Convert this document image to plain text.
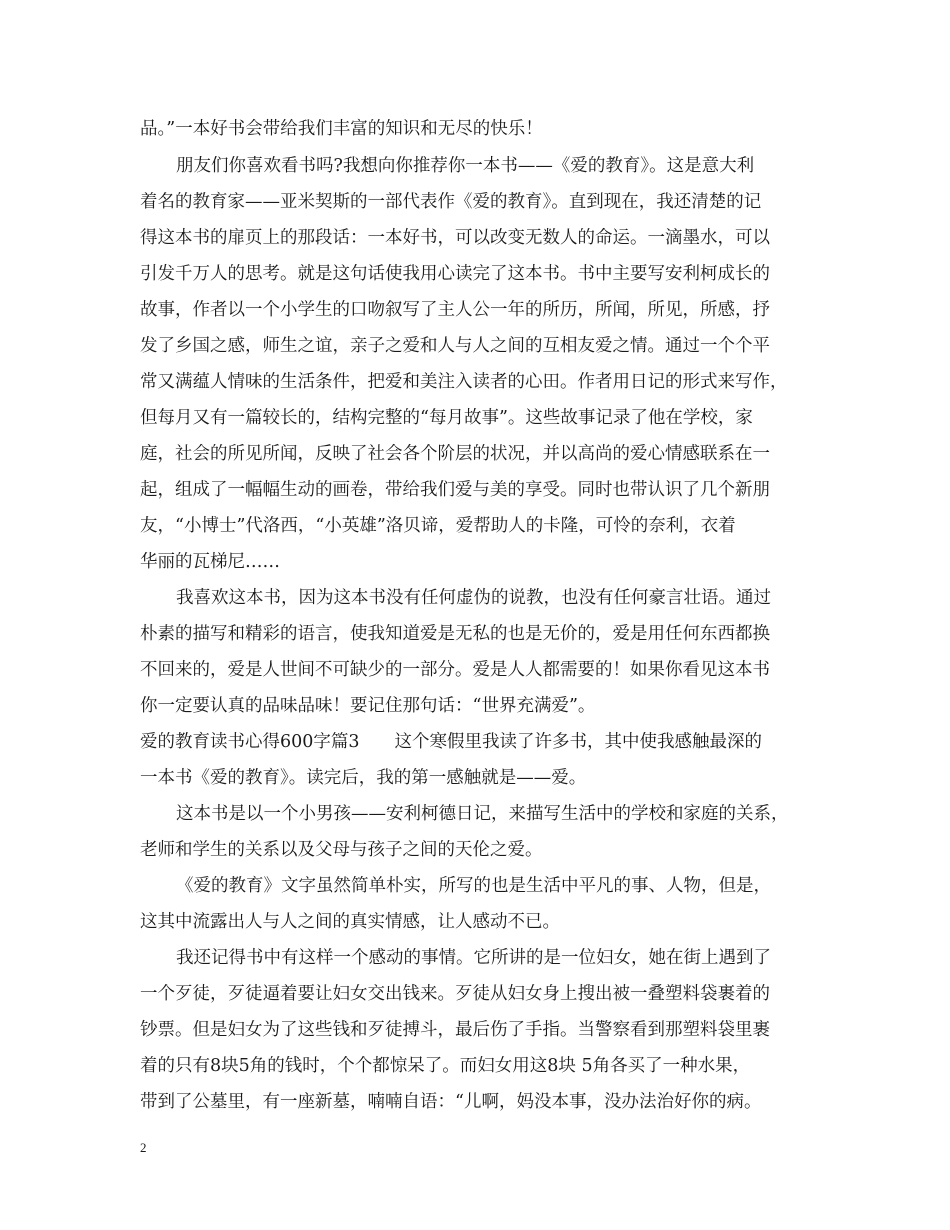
品。”一本好书会带给我们丰富的知识和无尽的快乐！
朋友们你喜欢看书吗?我想向你推荐你一本书——《爱的教育》。这是意大利
着名的教育家——亚米契斯的一部代表作《爱的教育》。直到现在，我还清楚的记
得这本书的扉页上的那段话：一本好书，可以改变无数人的命运。一滴墨水，可以
引发千万人的思考。就是这句话使我用心读完了这本书。书中主要写安利柯成长的
故事，作者以一个小学生的口吻叙写了主人公一年的所历，所闻，所见，所感，抒
发了乡国之感，师生之谊，亲子之爱和人与人之间的互相友爱之情。通过一个个平
常又满蕴人情味的生活条件，把爱和美注入读者的心田。作者用日记的形式来写作，
但每月又有一篇较长的，结构完整的“每月故事”。这些故事记录了他在学校，家
庭，社会的所见所闻，反映了社会各个阶层的状况，并以高尚的爱心情感联系在一
起，组成了一幅幅生动的画卷，带给我们爱与美的享受。同时也带认识了几个新朋
友，“小博士”代洛西，“小英雄”洛贝谛，爱帮助人的卡隆，可怜的奈利，衣着
华丽的瓦梯尼……
我喜欢这本书，因为这本书没有任何虚伪的说教，也没有任何豪言壮语。通过
朴素的描写和精彩的语言，使我知道爱是无私的也是无价的，爱是用任何东西都换
不回来的，爱是人世间不可缺少的一部分。爱是人人都需要的！如果你看见这本书
你一定要认真的品味品味！要记住那句话：“世界充满爱”。
爱的教育读书心得600字篇3　　这个寒假里我读了许多书，其中使我感触最深的
一本书《爱的教育》。读完后，我的第一感触就是——爱。
这本书是以一个小男孩——安利柯德日记，来描写生活中的学校和家庭的关系，
老师和学生的关系以及父母与孩子之间的天伦之爱。
《爱的教育》文字虽然简单朴实，所写的也是生活中平凡的事、人物，但是，
这其中流露出人与人之间的真实情感，让人感动不已。
我还记得书中有这样一个感动的事情。它所讲的是一位妇女，她在街上遇到了
一个歹徒，歹徒逼着要让妇女交出钱来。歹徒从妇女身上搜出被一叠塑料袋裹着的
钞票。但是妇女为了这些钱和歹徒搏斗，最后伤了手指。当警察看到那塑料袋里裹
着的只有8块5角的钱时，个个都惊呆了。而妇女用这8块 5角各买了一种水果，
带到了公墓里，有一座新墓，喃喃自语：“儿啊，妈没本事，没办法治好你的病。
2
